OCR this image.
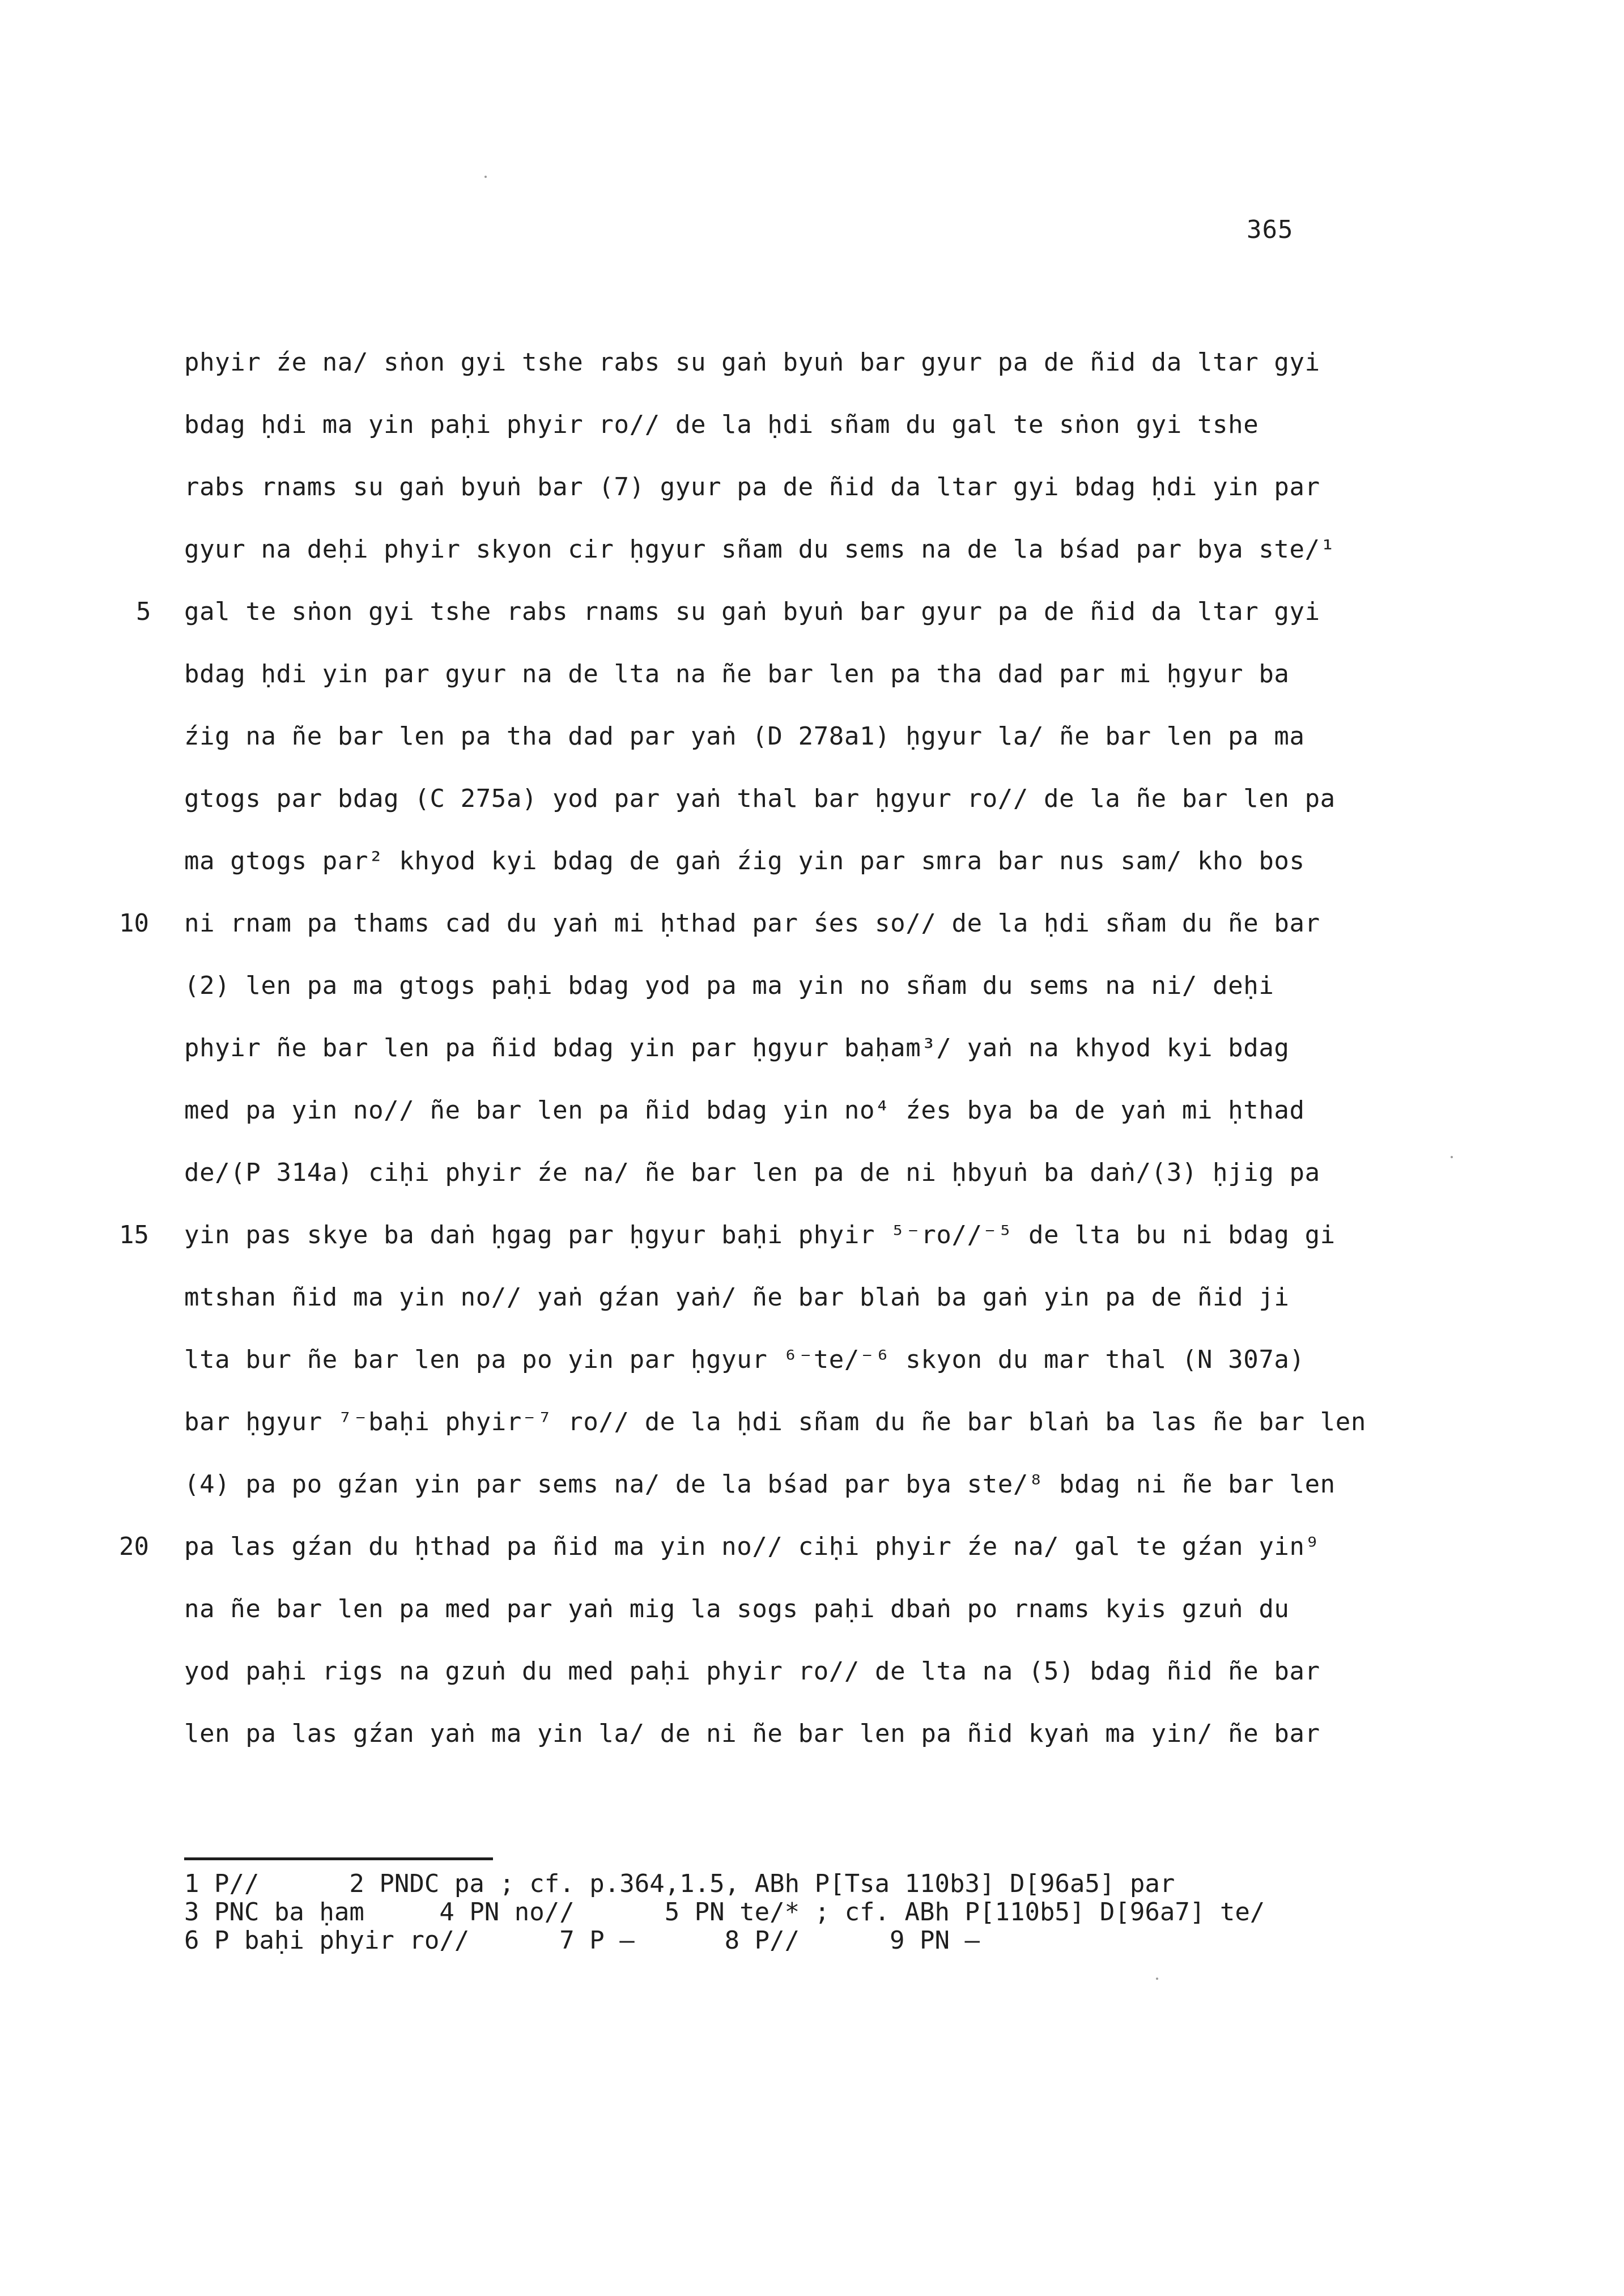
365
phyir źe na/ sṅon gyi tshe rabs su gaṅ byuṅ bar gyur pa de ñid da ltar gyi
bdag ḥdi ma yin paḥi phyir ro// de la ḥdi sñam du gal te sṅon gyi tshe
rabs rnams su gaṅ byuṅ bar (7) gyur pa de ñid da ltar gyi bdag ḥdi yin par
gyur na deḥi phyir skyon cir ḥgyur sñam du sems na de la bśad par bya ste/¹
gal te sṅon gyi tshe rabs rnams su gaṅ byuṅ bar gyur pa de ñid da ltar gyi
bdag ḥdi yin par gyur na de lta na ñe bar len pa tha dad par mi ḥgyur ba
źig na ñe bar len pa tha dad par yaṅ (D 278a1) ḥgyur la/ ñe bar len pa ma
gtogs par bdag (C 275a) yod par yaṅ thal bar ḥgyur ro// de la ñe bar len pa
ma gtogs par² khyod kyi bdag de gaṅ źig yin par smra bar nus sam/ kho bos
ni rnam pa thams cad du yaṅ mi ḥthad par śes so// de la ḥdi sñam du ñe bar
(2) len pa ma gtogs paḥi bdag yod pa ma yin no sñam du sems na ni/ deḥi
phyir ñe bar len pa ñid bdag yin par ḥgyur baḥam³/ yaṅ na khyod kyi bdag
med pa yin no// ñe bar len pa ñid bdag yin no⁴ źes bya ba de yaṅ mi ḥthad
de/(P 314a) ciḥi phyir źe na/ ñe bar len pa de ni ḥbyuṅ ba daṅ/(3) ḥjig pa
yin pas skye ba daṅ ḥgag par ḥgyur baḥi phyir ⁵⁻ro//⁻⁵ de lta bu ni bdag gi
mtshan ñid ma yin no// yaṅ gźan yaṅ/ ñe bar blaṅ ba gaṅ yin pa de ñid ji
lta bur ñe bar len pa po yin par ḥgyur ⁶⁻te/⁻⁶ skyon du mar thal (N 307a)
bar ḥgyur ⁷⁻baḥi phyir⁻⁷ ro// de la ḥdi sñam du ñe bar blaṅ ba las ñe bar len
(4) pa po gźan yin par sems na/ de la bśad par bya ste/⁸ bdag ni ñe bar len
pa las gźan du ḥthad pa ñid ma yin no// ciḥi phyir źe na/ gal te gźan yin⁹
na ñe bar len pa med par yaṅ mig la sogs paḥi dbaṅ po rnams kyis gzuṅ du
yod paḥi rigs na gzuṅ du med paḥi phyir ro// de lta na (5) bdag ñid ñe bar
len pa las gźan yaṅ ma yin la/ de ni ñe bar len pa ñid kyaṅ ma yin/ ñe bar
5
10
15
20
1 P//      2 PNDC pa ; cf. p.364,1.5, ABh P[Tsa 110b3] D[96a5] par
3 PNC ba ḥam     4 PN no//      5 PN te/* ; cf. ABh P[110b5] D[96a7] te/
6 P baḥi phyir ro//      7 P —      8 P//      9 PN —
